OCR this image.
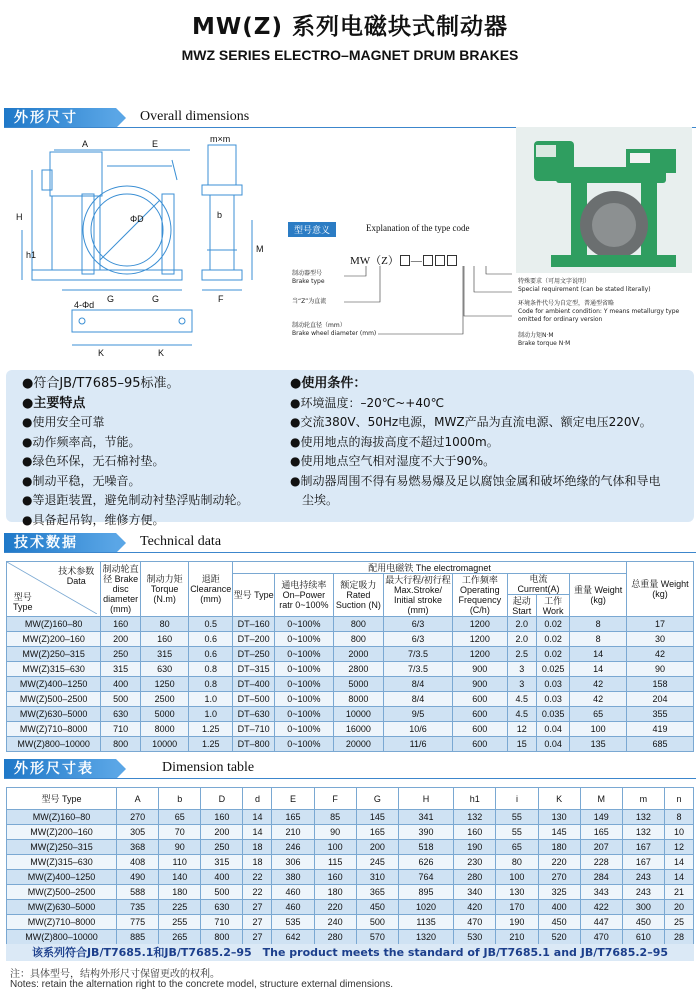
MW(Z) 系列电磁块式制动器
MWZ SERIES ELECTRO–MAGNET DRUM BRAKES
外形尺寸	Overall dimensions
A	E	m×m
H
h1
ΦD	b
M
G	G	F
4-Φd
K	K
型号意义	Explanation of the type code
MW（Z） —
制动器型号
Brake type
当“Z”为直流
制动轮直径（mm）
Brake wheel diameter (mm)
特殊要求（可用文字说明）
Special requirement (can be stated literally)
环境条件代号为自定型，普通型省略
Code for ambient condition: Y means metallurgy type omitted for ordinary version
制动力矩N·M
Brake torque N·M
●符合JB/T7685–95标准。
●主要特点
●使用安全可靠
●动作频率高，节能。
●绿色环保，无石棉衬垫。
●制动平稳，无噪音。
●等退距装置，避免制动衬垫浮贴制动轮。
●具备起吊钩，维修方便。
●使用条件：
●环境温度：–20℃~+40℃
●交流380V、50Hz电源，MWZ产品为直流电源、额定电压220V。
●使用地点的海拔高度不超过1000m。
●使用地点空气相对湿度不大于90%。
●制动器周围不得有易燃易爆及足以腐蚀金属和破坏绝缘的气体和导电
　尘埃。
技术数据	Technical data
技术参数
Data
型号
Type	制动轮直径 Brake disc diameter (mm)	制动力矩 Torque (N.m)	退距 Clearance (mm)	配用电磁铁 The electromagnet								总重量 Weight (kg)
				型号 Type	通电持续率 On–Power ratr 0~100%	额定吸力 Rated Suction (N)	最大行程/初行程 Max.Stroke/ Initial stroke (mm)	工作频率 Operating Frequency (C/h)	电流 Current(A)		重量 Weight (kg)	
									起动 Start	工作 Work		
MW(Z)160–80	160	80	0.5	DT–160	0~100%	800	6/3	1200	2.0	0.02	8	17
MW(Z)200–160	200	160	0.6	DT–200	0~100%	800	6/3	1200	2.0	0.02	8	30
MW(Z)250–315	250	315	0.6	DT–250	0~100%	2000	7/3.5	1200	2.5	0.02	14	42
MW(Z)315–630	315	630	0.8	DT–315	0~100%	2800	7/3.5	900	3	0.025	14	90
MW(Z)400–1250	400	1250	0.8	DT–400	0~100%	5000	8/4	900	3	0.03	42	158
MW(Z)500–2500	500	2500	1.0	DT–500	0~100%	8000	8/4	600	4.5	0.03	42	204
MW(Z)630–5000	630	5000	1.0	DT–630	0~100%	10000	9/5	600	4.5	0.035	65	355
MW(Z)710–8000	710	8000	1.25	DT–710	0~100%	16000	10/6	600	12	0.04	100	419
MW(Z)800–10000	800	10000	1.25	DT–800	0~100%	20000	11/6	600	15	0.04	135	685
外形尺寸表	Dimension table
型号 Type	A	b	D	d	E	F	G	H	h1	i	K	M	m	n
MW(Z)160–80	270	65	160	14	165	85	145	341	132	55	130	149	132	8
MW(Z)200–160	305	70	200	14	210	90	165	390	160	55	145	165	132	10
MW(Z)250–315	368	90	250	18	246	100	200	518	190	65	180	207	167	12
MW(Z)315–630	408	110	315	18	306	115	245	626	230	80	220	228	167	14
MW(Z)400–1250	490	140	400	22	380	160	310	764	280	100	270	284	243	14
MW(Z)500–2500	588	180	500	22	460	180	365	895	340	130	325	343	243	21
MW(Z)630–5000	735	225	630	27	460	220	450	1020	420	170	400	422	300	20
MW(Z)710–8000	775	255	710	27	535	240	500	1135	470	190	450	447	450	25
MW(Z)800–10000	885	265	800	27	642	280	570	1320	530	210	520	470	610	28
该系列符合JB/T7685.1和JB/T7685.2–95　The product meets the standard of JB/T7685.1 and JB/T7685.2–95
注：具体型号，结构外形尺寸保留更改的权利。
Notes: retain the alternation right to the concrete model, structure external dimensions.
